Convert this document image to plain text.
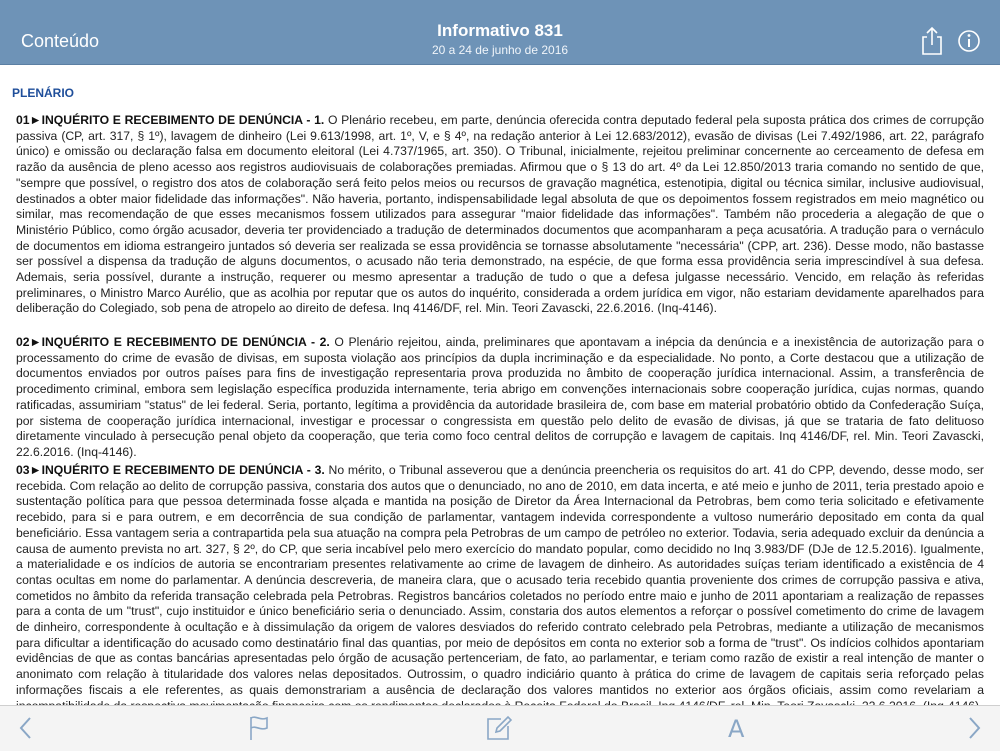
Conteúdo
Informativo 831
20 a 24 de junho de 2016
PLENÁRIO
01►INQUÉRITO E RECEBIMENTO DE DENÚNCIA - 1. O Plenário recebeu, em parte, denúncia oferecida contra deputado federal pela suposta prática dos crimes de corrupção passiva (CP, art. 317, § 1º), lavagem de dinheiro (Lei 9.613/1998, art. 1º, V, e § 4º, na redação anterior à Lei 12.683/2012), evasão de divisas (Lei 7.492/1986, art. 22, parágrafo único) e omissão ou declaração falsa em documento eleitoral (Lei 4.737/1965, art. 350). O Tribunal, inicialmente, rejeitou preliminar concernente ao cerceamento de defesa em razão da ausência de pleno acesso aos registros audiovisuais de colaborações premiadas. Afirmou que o § 13 do art. 4º da Lei 12.850/2013 traria comando no sentido de que, "sempre que possível, o registro dos atos de colaboração será feito pelos meios ou recursos de gravação magnética, estenotipia, digital ou técnica similar, inclusive audiovisual, destinados a obter maior fidelidade das informações". Não haveria, portanto, indispensabilidade legal absoluta de que os depoimentos fossem registrados em meio magnético ou similar, mas recomendação de que esses mecanismos fossem utilizados para assegurar "maior fidelidade das informações". Também não procederia a alegação de que o Ministério Público, como órgão acusador, deveria ter providenciado a tradução de determinados documentos que acompanharam a peça acusatória. A tradução para o vernáculo de documentos em idioma estrangeiro juntados só deveria ser realizada se essa providência se tornasse absolutamente "necessária" (CPP, art. 236). Desse modo, não bastasse ser possível a dispensa da tradução de alguns documentos, o acusado não teria demonstrado, na espécie, de que forma essa providência seria imprescindível à sua defesa. Ademais, seria possível, durante a instrução, requerer ou mesmo apresentar a tradução de tudo o que a defesa julgasse necessário. Vencido, em relação às referidas preliminares, o Ministro Marco Aurélio, que as acolhia por reputar que os autos do inquérito, considerada a ordem jurídica em vigor, não estariam devidamente aparelhados para deliberação do Colegiado, sob pena de atropelo ao direito de defesa. Inq 4146/DF, rel. Min. Teori Zavascki, 22.6.2016. (Inq-4146).
02►INQUÉRITO E RECEBIMENTO DE DENÚNCIA - 2. O Plenário rejeitou, ainda, preliminares que apontavam a inépcia da denúncia e a inexistência de autorização para o processamento do crime de evasão de divisas, em suposta violação aos princípios da dupla incriminação e da especialidade. No ponto, a Corte destacou que a utilização de documentos enviados por outros países para fins de investigação representaria prova produzida no âmbito de cooperação jurídica internacional. Assim, a transferência de procedimento criminal, embora sem legislação específica produzida internamente, teria abrigo em convenções internacionais sobre cooperação jurídica, cujas normas, quando ratificadas, assumiriam "status" de lei federal. Seria, portanto, legítima a providência da autoridade brasileira de, com base em material probatório obtido da Confederação Suíça, por sistema de cooperação jurídica internacional, investigar e processar o congressista em questão pelo delito de evasão de divisas, já que se trataria de fato delituoso diretamente vinculado à persecução penal objeto da cooperação, que teria como foco central delitos de corrupção e lavagem de capitais. Inq 4146/DF, rel. Min. Teori Zavascki, 22.6.2016. (Inq-4146).
03►INQUÉRITO E RECEBIMENTO DE DENÚNCIA - 3. No mérito, o Tribunal asseverou que a denúncia preencheria os requisitos do art. 41 do CPP, devendo, desse modo, ser recebida. Com relação ao delito de corrupção passiva, constaria dos autos que o denunciado, no ano de 2010, em data incerta, e até meio e junho de 2011, teria prestado apoio e sustentação política para que pessoa determinada fosse alçada e mantida na posição de Diretor da Área Internacional da Petrobras, bem como teria solicitado e efetivamente recebido, para si e para outrem, e em decorrência de sua condição de parlamentar, vantagem indevida correspondente a vultoso numerário depositado em conta da qual beneficiário. Essa vantagem seria a contrapartida pela sua atuação na compra pela Petrobras de um campo de petróleo no exterior. Todavia, seria adequado excluir da denúncia a causa de aumento prevista no art. 327, § 2º, do CP, que seria incabível pelo mero exercício do mandato popular, como decidido no Inq 3.983/DF (DJe de 12.5.2016). Igualmente, a materialidade e os indícios de autoria se encontrariam presentes relativamente ao crime de lavagem de dinheiro. As autoridades suíças teriam identificado a existência de 4 contas ocultas em nome do parlamentar. A denúncia descreveria, de maneira clara, que o acusado teria recebido quantia proveniente dos crimes de corrupção passiva e ativa, cometidos no âmbito da referida transação celebrada pela Petrobras. Registros bancários coletados no período entre maio e junho de 2011 apontariam a realização de repasses para a conta de um "trust", cujo instituidor e único beneficiário seria o denunciado. Assim, constaria dos autos elementos a reforçar o possível cometimento do crime de lavagem de dinheiro, correspondente à ocultação e à dissimulação da origem de valores desviados do referido contrato celebrado pela Petrobras, mediante a utilização de mecanismos para dificultar a identificação do acusado como destinatário final das quantias, por meio de depósitos em conta no exterior sob a forma de "trust". Os indícios colhidos apontariam evidências de que as contas bancárias apresentadas pelo órgão de acusação pertenceriam, de fato, ao parlamentar, e teriam como razão de existir a real intenção de manter o anonimato com relação à titularidade dos valores nelas depositados. Outrossim, o quadro indiciário quanto à prática do crime de lavagem de capitais seria reforçado pelas informações fiscais a ele referentes, as quais demonstrariam a ausência de declaração dos valores mantidos no exterior aos órgãos oficiais, assim como revelariam a
A
